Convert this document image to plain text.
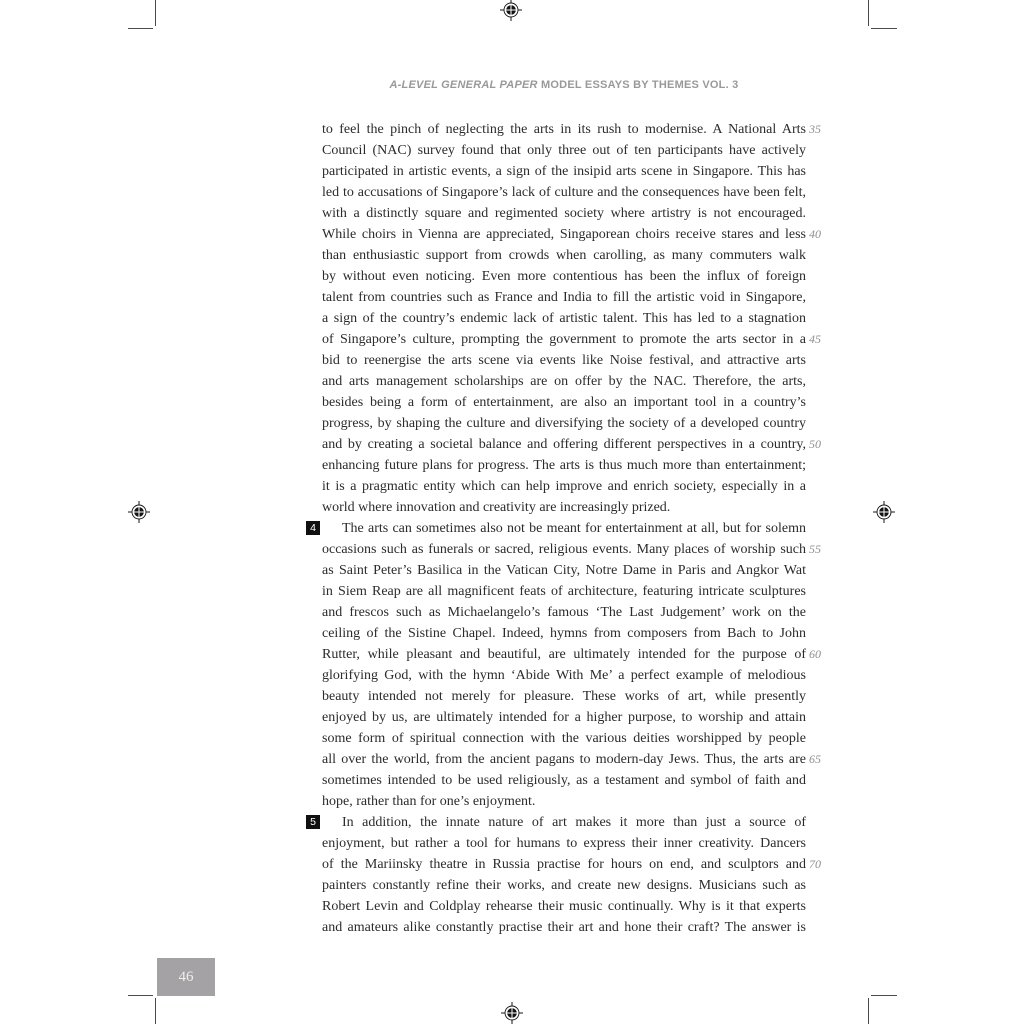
A-LEVEL GENERAL PAPER MODEL ESSAYS BY THEMES VOL. 3
to feel the pinch of neglecting the arts in its rush to modernise. A National Arts 35
Council (NAC) survey found that only three out of ten participants have actively
participated in artistic events, a sign of the insipid arts scene in Singapore. This has
led to accusations of Singapore’s lack of culture and the consequences have been felt,
with a distinctly square and regimented society where artistry is not encouraged.
While choirs in Vienna are appreciated, Singaporean choirs receive stares and less 40
than enthusiastic support from crowds when carolling, as many commuters walk
by without even noticing. Even more contentious has been the influx of foreign
talent from countries such as France and India to fill the artistic void in Singapore,
a sign of the country’s endemic lack of artistic talent. This has led to a stagnation
of Singapore’s culture, prompting the government to promote the arts sector in a 45
bid to reenergise the arts scene via events like Noise festival, and attractive arts
and arts management scholarships are on offer by the NAC. Therefore, the arts,
besides being a form of entertainment, are also an important tool in a country’s
progress, by shaping the culture and diversifying the society of a developed country
and by creating a societal balance and offering different perspectives in a country, 50
enhancing future plans for progress. The arts is thus much more than entertainment;
it is a pragmatic entity which can help improve and enrich society, especially in a
world where innovation and creativity are increasingly prized.
The arts can sometimes also not be meant for entertainment at all, but for solemn
4
occasions such as funerals or sacred, religious events. Many places of worship such 55
as Saint Peter’s Basilica in the Vatican City, Notre Dame in Paris and Angkor Wat
in Siem Reap are all magnificent feats of architecture, featuring intricate sculptures
and frescos such as Michaelangelo’s famous ‘The Last Judgement’ work on the
ceiling of the Sistine Chapel. Indeed, hymns from composers from Bach to John
Rutter, while pleasant and beautiful, are ultimately intended for the purpose of 60
glorifying God, with the hymn ‘Abide With Me’ a perfect example of melodious
beauty intended not merely for pleasure. These works of art, while presently
enjoyed by us, are ultimately intended for a higher purpose, to worship and attain
some form of spiritual connection with the various deities worshipped by people
all over the world, from the ancient pagans to modern-day Jews. Thus, the arts are 65
sometimes intended to be used religiously, as a testament and symbol of faith and
hope, rather than for one’s enjoyment.
In addition, the innate nature of art makes it more than just a source of
5
enjoyment, but rather a tool for humans to express their inner creativity. Dancers
of the Mariinsky theatre in Russia practise for hours on end, and sculptors and 70
painters constantly refine their works, and create new designs. Musicians such as
Robert Levin and Coldplay rehearse their music continually. Why is it that experts
and amateurs alike constantly practise their art and hone their craft? The answer is
46
